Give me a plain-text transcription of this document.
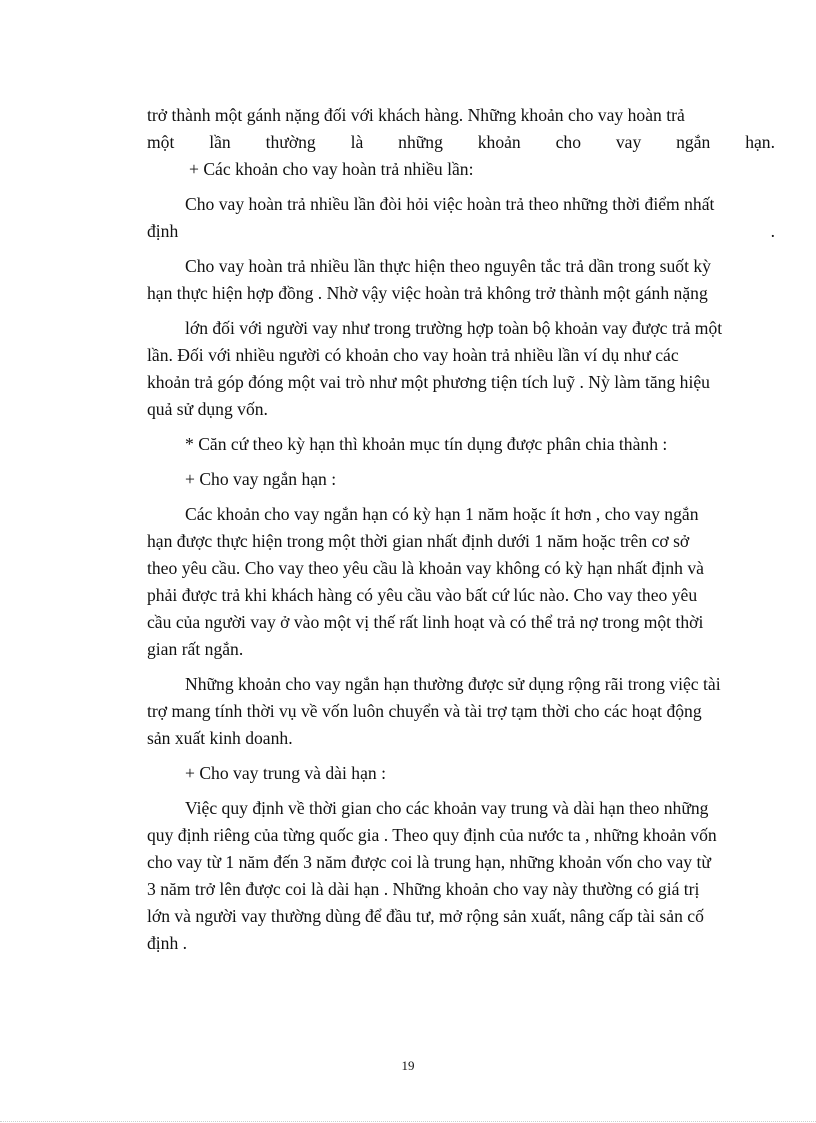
trở thành một gánh nặng đối với khách hàng. Những khoản cho vay hoàn trả
một lần thường là những khoản cho vay ngắn hạn.
+ Các khoản cho vay hoàn trả nhiều lần:
Cho vay hoàn trả nhiều lần đòi hỏi việc hoàn trả theo những thời điểm nhất
định	.
Cho vay hoàn trả nhiều lần thực hiện theo nguyên tắc trả dần trong suốt kỳ
hạn thực hiện hợp đồng . Nhờ vậy việc hoàn trả không trở thành một gánh nặng
lớn đối với người vay như trong trường hợp toàn bộ khoản vay được trả một
lần. Đối với nhiều người có khoản cho vay hoàn trả nhiều lần ví dụ như các
khoản trả góp đóng một vai trò như một phương tiện tích luỹ . Nỳ làm tăng hiệu
quả sử dụng vốn.
* Căn cứ theo kỳ hạn thì khoản mục tín dụng được phân chia thành :
+ Cho vay ngắn hạn :
Các khoản cho vay ngắn hạn có kỳ hạn 1 năm hoặc ít hơn , cho vay ngắn
hạn được thực hiện trong một thời gian nhất định dưới 1 năm hoặc trên cơ sở
theo yêu cầu. Cho vay theo yêu cầu là khoản vay không có kỳ hạn nhất định và
phải được trả khi khách hàng có yêu cầu vào bất cứ lúc nào. Cho vay theo yêu
cầu của người vay ở vào một vị thế rất linh hoạt và có thể trả nợ trong một thời
gian rất ngắn.
Những khoản cho vay ngắn hạn thường được sử dụng rộng rãi trong việc tài
trợ mang tính thời vụ về vốn luôn chuyển và tài trợ tạm thời cho các hoạt động
sản xuất kinh doanh.
+ Cho vay trung và dài hạn :
Việc quy định về thời gian cho các khoản vay trung và dài hạn theo những
quy định riêng của từng quốc gia . Theo quy định của nước ta , những khoản vốn
cho vay từ 1 năm đến 3 năm được coi là trung hạn, những khoản vốn cho vay từ
3 năm trở lên được coi là dài hạn . Những khoản cho vay này thường có giá trị
lớn và người vay thường dùng để đầu tư, mở rộng sản xuất, nâng cấp tài sản cố
định .
19
